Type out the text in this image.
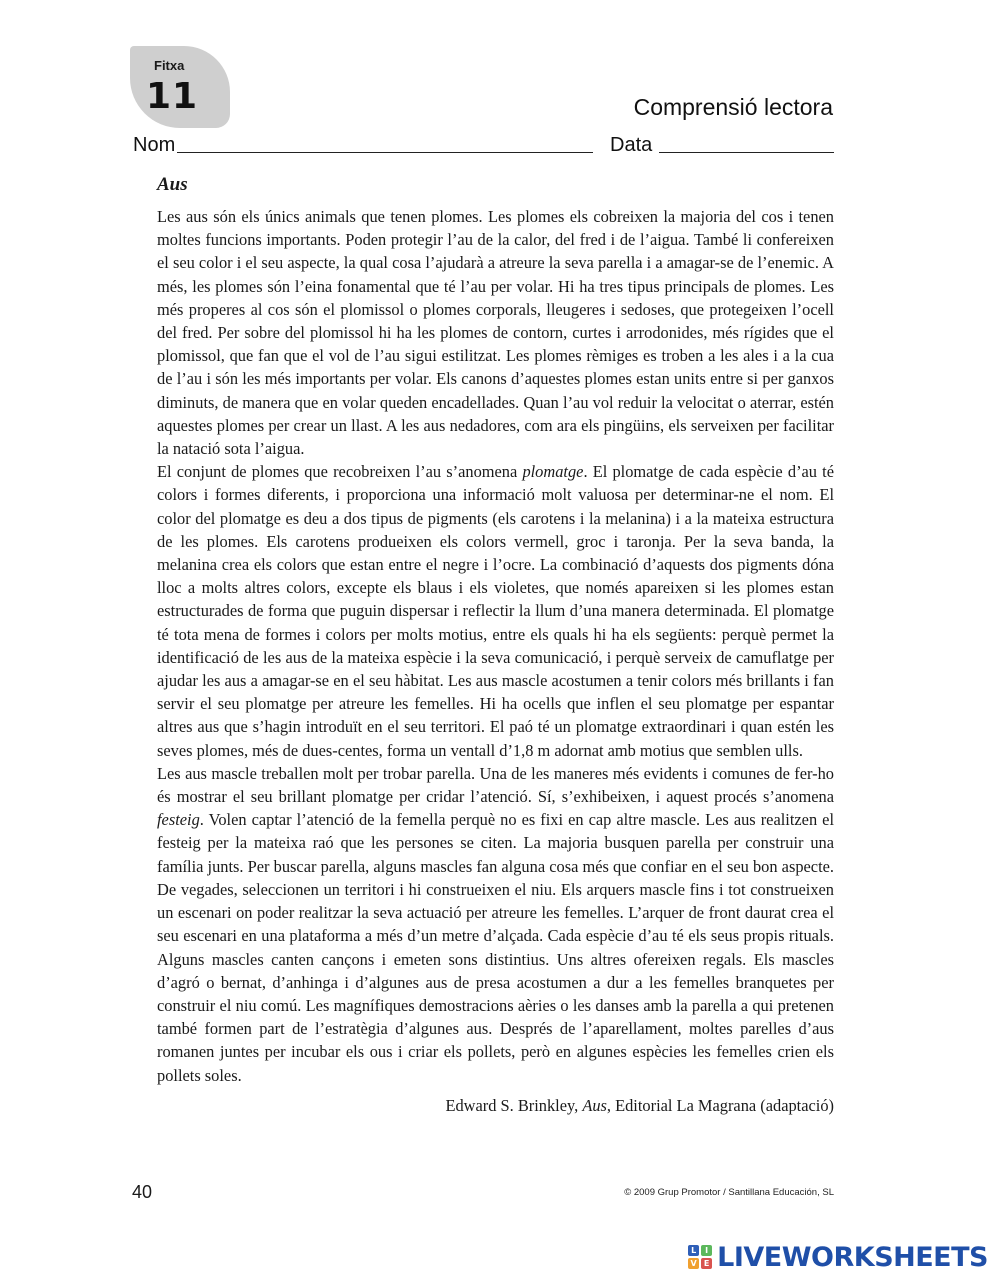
Fitxa
11	Comprensió lectora
Nom	Data
Aus

Les aus són els únics animals que tenen plomes. Les plomes els cobreixen la majoria del cos i tenen moltes funcions importants. Poden protegir l’au de la calor, del fred i de l’aigua. També li confereixen el seu color i el seu aspecte, la qual cosa l’ajudarà a atreure la seva parella i a amagar-se de l’enemic. A més, les plomes són l’eina fonamental que té l’au per volar. Hi ha tres tipus principals de plomes. Les més properes al cos són el plomissol o plomes corporals, lleugeres i sedoses, que protegeixen l’ocell del fred. Per sobre del plomissol hi ha les plomes de contorn, curtes i arrodonides, més rígides que el plomissol, que fan que el vol de l’au sigui estilitzat. Les plomes rèmiges es troben a les ales i a la cua de l’au i són les més importants per volar. Els canons d’aquestes plomes estan units entre si per ganxos diminuts, de manera que en volar queden encadellades. Quan l’au vol reduir la velocitat o aterrar, estén aquestes plomes per crear un llast. A les aus nedadores, com ara els pingüins, els serveixen per facilitar la natació sota l’aigua.

El conjunt de plomes que recobreixen l’au s’anomena plomatge. El plomatge de cada espècie d’au té colors i formes diferents, i proporciona una informació molt valuosa per determinar-ne el nom. El color del plomatge es deu a dos tipus de pigments (els carotens i la melanina) i a la mateixa estructura de les plomes. Els carotens produeixen els colors vermell, groc i taronja. Per la seva banda, la melanina crea els colors que estan entre el negre i l’ocre. La combinació d’aquests dos pigments dóna lloc a molts altres colors, excepte els blaus i els violetes, que només apareixen si les plomes estan estructurades de forma que puguin dispersar i reflectir la llum d’una manera determinada. El plomatge té tota mena de formes i colors per molts motius, entre els quals hi ha els següents: perquè permet la identificació de les aus de la mateixa espècie i la seva comunicació, i perquè serveix de camuflatge per ajudar les aus a amagar-se en el seu hàbitat. Les aus mascle acostumen a tenir colors més brillants i fan servir el seu plomatge per atreure les femelles. Hi ha ocells que inflen el seu plomatge per espantar altres aus que s’hagin introduït en el seu territori. El paó té un plomatge extraordinari i quan estén les seves plomes, més de dues-centes, forma un ventall d’1,8 m adornat amb motius que semblen ulls.

Les aus mascle treballen molt per trobar parella. Una de les maneres més evidents i comunes de fer-ho és mostrar el seu brillant plomatge per cridar l’atenció. Sí, s’exhibeixen, i aquest procés s’anomena festeig. Volen captar l’atenció de la femella perquè no es fixi en cap altre mascle. Les aus realitzen el festeig per la mateixa raó que les persones se citen. La majoria busquen parella per construir una família junts. Per buscar parella, alguns mascles fan alguna cosa més que confiar en el seu bon aspecte. De vegades, seleccionen un territori i hi construeixen el niu. Els arquers mascle fins i tot construeixen un escenari on poder realitzar la seva actuació per atreure les femelles. L’arquer de front daurat crea el seu escenari en una plataforma a més d’un metre d’alçada. Cada espècie d’au té els seus propis rituals. Alguns mascles canten cançons i emeten sons distintius. Uns altres ofereixen regals. Els mascles d’agró o bernat, d’anhinga i d’algunes aus de presa acostumen a dur a les femelles branquetes per construir el niu comú. Les magnífiques demostracions aèries o les danses amb la parella a qui pretenen també formen part de l’estratègia d’algunes aus. Després de l’aparellament, moltes parelles d’aus romanen juntes per incubar els ous i criar els pollets, però en algunes espècies les femelles crien els pollets soles.

Edward S. Brinkley, Aus, Editorial La Magrana (adaptació)
40	© 2009 Grup Promotor / Santillana Educación, SL
L	I
V E LIVEWORKSHEETS
